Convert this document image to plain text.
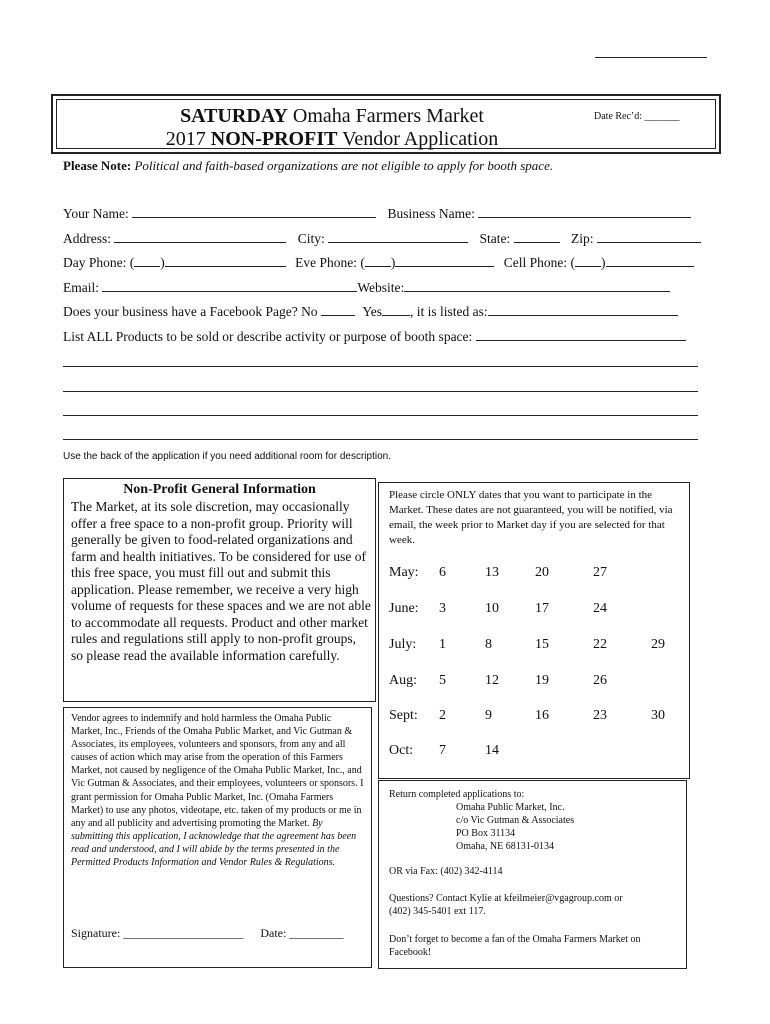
SATURDAY Omaha Farmers Market
2017 NON-PROFIT Vendor Application
Date Rec’d: _______
Please Note: Political and faith-based organizations are not eligible to apply for booth space.
Your Name:	Business Name:
Address:	City:	State:	Zip:
Day Phone: ( )	Eve Phone: ( )	Cell Phone: ( )
Email:	Website:
Does your business have a Facebook Page? No	Yes , it is listed as:
List ALL Products to be sold or describe activity or purpose of booth space:
Use the back of the application if you need additional room for description.
Non-Profit General Information
The Market, at its sole discretion, may occasionally offer a free space to a non-profit group. Priority will generally be given to food-related organizations and farm and health initiatives. To be considered for use of this free space, you must fill out and submit this application. Please remember, we receive a very high volume of requests for these spaces and we are not able to accommodate all requests. Product and other market rules and regulations still apply to non-profit groups, so please read the available information carefully.
Vendor agrees to indemnify and hold harmless the Omaha Public Market, Inc., Friends of the Omaha Public Market, and Vic Gutman & Associates, its employees, volunteers and sponsors, from any and all causes of action which may arise from the operation of this Farmers Market, not caused by negligence of the Omaha Public Market, Inc., and Vic Gutman & Associates, and their employees, volunteers or sponsors. I grant permission for Omaha Public Market, Inc. (Omaha Farmers Market) to use any photos, videotape, etc. taken of my products or me in any and all publicity and advertising promoting the Market. By submitting this application, I acknowledge that the agreement has been read and understood, and I will abide by the terms presented in the Permitted Products Information and Vendor Rules & Regulations.
Signature: ____________________ Date: _________
Please circle ONLY dates that you want to participate in the Market. These dates are not guaranteed, you will be notified, via email, the week prior to Market day if you are selected for that week.
May: 6	13	20	27
June: 3	10	17	24
July: 1	8	15	22	29
Aug: 5	12	19	26
Sept: 2	9	16	23	30
Oct: 7	14
Return completed applications to:
Omaha Public Market, Inc.
c/o Vic Gutman & Associates
PO Box 31134
Omaha, NE 68131-0134
OR via Fax: (402) 342-4114
Questions? Contact Kylie at kfeilmeier@vgagroup.com or
(402) 345-5401 ext 117.
Don’t forget to become a fan of the Omaha Farmers Market on
Facebook!
